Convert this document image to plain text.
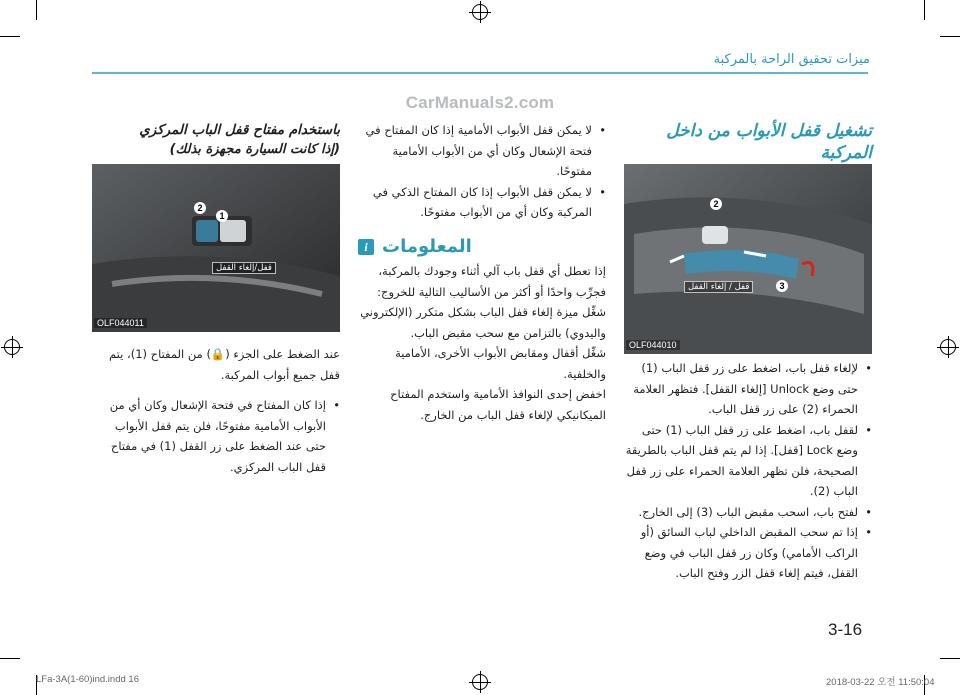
ميزات تحقيق الراحة بالمركبة
CarManuals2.com
تشغيل قفل الأبواب من داخل المركبة
2
3
قفل / إلغاء القفل
OLF044010
• لإلغاء قفل باب، اضغط على زر قفل الباب (1) حتى وضع Unlock [إلغاء القفل]. فتظهر العلامة الحمراء (2) على زر قفل الباب.
• لقفل باب، اضغط على زر قفل الباب (1) حتى وضع Lock [قفل]. إذا لم يتم قفل الباب بالطريقة الصحيحة، فلن تظهر العلامة الحمراء على زر قفل الباب (2).
• لفتح باب، اسحب مقبض الباب (3) إلى الخارج.
• إذا تم سحب المقبض الداخلي لباب السائق (أو الراكب الأمامي) وكان زر قفل الباب في وضع القفل، فيتم إلغاء قفل الزر وفتح الباب.
• لا يمكن قفل الأبواب الأمامية إذا كان المفتاح في فتحة الإشعال وكان أي من الأبواب الأمامية مفتوحًا.
• لا يمكن قفل الأبواب إذا كان المفتاح الذكي في المركبة وكان أي من الأبواب مفتوحًا.
i المعلومات
إذا تعطل أي قفل باب آلي أثناء وجودك بالمركبة، فجرِّب واحدًا أو أكثر من الأساليب التالية للخروج:
شغِّل ميزة إلغاء قفل الباب بشكل متكرر (الإلكتروني واليدوي) بالتزامن مع سحب مقبض الباب.
شغِّل أقفال ومقابض الأبواب الأخرى، الأمامية والخلفية.
اخفض إحدى النوافذ الأمامية واستخدم المفتاح الميكانيكي لإلغاء قفل الباب من الخارج.
باستخدام مفتاح قفل الباب المركزي
(إذا كانت السيارة مجهزة بذلك)
2
1
قفل/إلغاء القفل
OLF044011
عند الضغط على الجزء (🔒) من المفتاح (1)، يتم قفل جميع أبواب المركبة.
• إذا كان المفتاح في فتحة الإشعال وكان أي من الأبواب الأمامية مفتوحًا، فلن يتم قفل الأبواب حتى عند الضغط على زر القفل (1) في مفتاح قفل الباب المركزي.
3-16
LFa-3A(1-60)ind.indd 16	2018-03-22 오전 11:50:04
